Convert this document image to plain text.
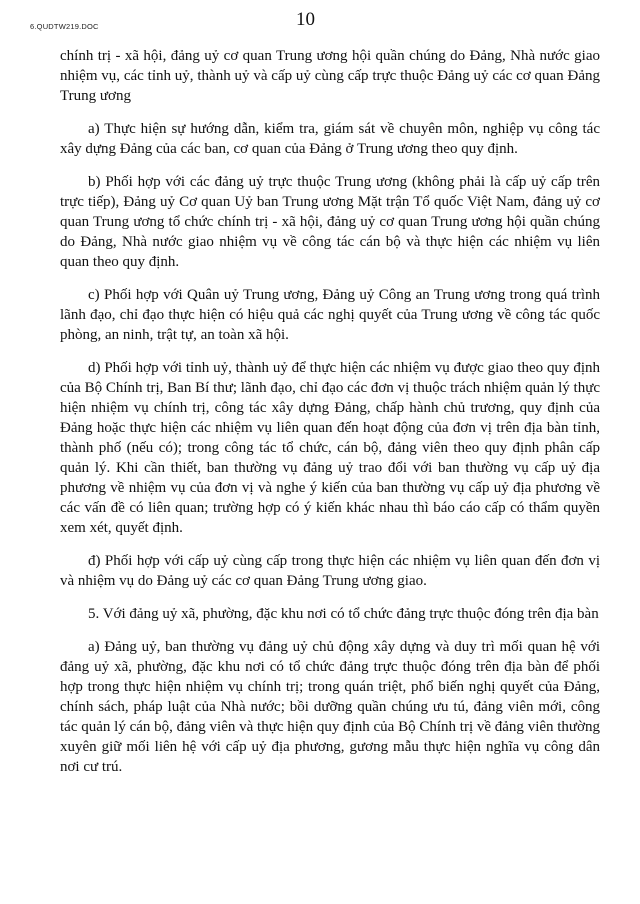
6.QUDTW219.DOC	10

chính trị - xã hội, đảng uỷ cơ quan Trung ương hội quần chúng do Đảng, Nhà nước giao nhiệm vụ, các tỉnh uỷ, thành uỷ và cấp uỷ cùng cấp trực thuộc Đảng uỷ các cơ quan Đảng Trung ương

a) Thực hiện sự hướng dẫn, kiểm tra, giám sát về chuyên môn, nghiệp vụ công tác xây dựng Đảng của các ban, cơ quan của Đảng ở Trung ương theo quy định.

b) Phối hợp với các đảng uỷ trực thuộc Trung ương (không phải là cấp uỷ cấp trên trực tiếp), Đảng uỷ Cơ quan Uỷ ban Trung ương Mặt trận Tổ quốc Việt Nam, đảng uỷ cơ quan Trung ương tổ chức chính trị - xã hội, đảng uỷ cơ quan Trung ương hội quần chúng do Đảng, Nhà nước giao nhiệm vụ về công tác cán bộ và thực hiện các nhiệm vụ liên quan theo quy định.

c) Phối hợp với Quân uỷ Trung ương, Đảng uỷ Công an Trung ương trong quá trình lãnh đạo, chỉ đạo thực hiện có hiệu quả các nghị quyết của Trung ương về công tác quốc phòng, an ninh, trật tự, an toàn xã hội.

d) Phối hợp với tỉnh uỷ, thành uỷ để thực hiện các nhiệm vụ được giao theo quy định của Bộ Chính trị, Ban Bí thư; lãnh đạo, chỉ đạo các đơn vị thuộc trách nhiệm quản lý thực hiện nhiệm vụ chính trị, công tác xây dựng Đảng, chấp hành chủ trương, quy định của Đảng hoặc thực hiện các nhiệm vụ liên quan đến hoạt động của đơn vị trên địa bàn tỉnh, thành phố (nếu có); trong công tác tổ chức, cán bộ, đảng viên theo quy định phân cấp quản lý. Khi cần thiết, ban thường vụ đảng uỷ trao đổi với ban thường vụ cấp uỷ địa phương về nhiệm vụ của đơn vị và nghe ý kiến của ban thường vụ cấp uỷ địa phương về các vấn đề có liên quan; trường hợp có ý kiến khác nhau thì báo cáo cấp có thẩm quyền xem xét, quyết định.

đ) Phối hợp với cấp uỷ cùng cấp trong thực hiện các nhiệm vụ liên quan đến đơn vị và nhiệm vụ do Đảng uỷ các cơ quan Đảng Trung ương giao.

5. Với đảng uỷ xã, phường, đặc khu nơi có tổ chức đảng trực thuộc đóng trên địa bàn

a) Đảng uỷ, ban thường vụ đảng uỷ chủ động xây dựng và duy trì mối quan hệ với đảng uỷ xã, phường, đặc khu nơi có tổ chức đảng trực thuộc đóng trên địa bàn để phối hợp trong thực hiện nhiệm vụ chính trị; trong quán triệt, phổ biến nghị quyết của Đảng, chính sách, pháp luật của Nhà nước; bồi dưỡng quần chúng ưu tú, đảng viên mới, công tác quản lý cán bộ, đảng viên và thực hiện quy định của Bộ Chính trị về đảng viên thường xuyên giữ mối liên hệ với cấp uỷ địa phương, gương mẫu thực hiện nghĩa vụ công dân nơi cư trú.
